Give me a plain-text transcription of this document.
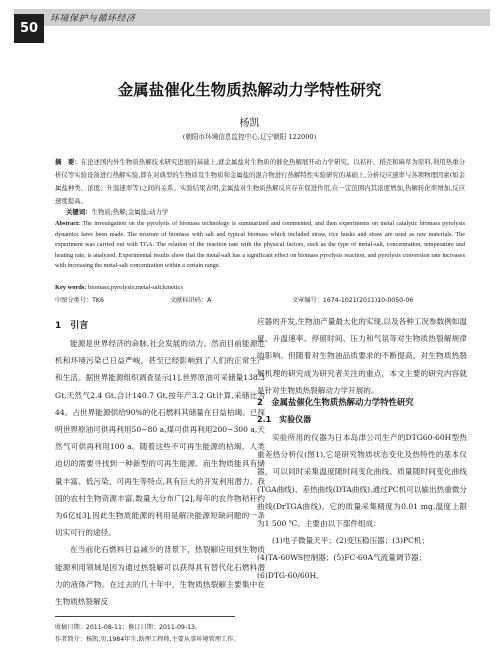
50
环境保护与循环经济
金属盐催化生物质热解动力学特性研究
杨凯
(朝阳市环境信息监控中心,辽宁朝阳 122000)
摘　要：在论述国内外生物质热解技术研究进展的基础上,就金属盐对生物质的催化热解展开动力学研究。以秸秆、稻壳和麻草为原料,利用热重分析仪等实验设备进行热解实验,即在对典型的生物质及生物质和金属盐的混合物进行热解特性实验研究的基础上,分析反应速率与各项物理因素(如金属盐种类、浓度、升温速率等)之间的关系。实验结果表明,金属盐对生物质热解反应存在促进作用,在一定范围内其浓度增加,热解转化率增加,反应速度提高。
关键词：生物质;热解;金属盐;动力学
Abstract: The investigation on the pyrolysis of biomass technology is summarized and commented, and then experiments on metal catalytic biomass pyrolysis dynamics have been made. The mixture of biomass with salt and typical biomass which included straw, rice husks and straw are used as raw materials. The experiment was carried out with TGA. The relation of the reaction rate with the physical factors, such as the type of metal-salt, concentration, temperature and heating rate, is analyzed. Experimental results show that the metal-salt has a significant effect on biomass pyrolysis reaction, and pyrolysis conversion rate increases with increasing the metal-salt concentration within a certain range.
Key words: biomass;pyrolysis;metal-salt;kinetics
中图分类号：TK6	文献标识码：A	文章编号：1674-1021(2011)10-0050-06
1　引言

能源是世界经济的命脉,社会发展的动力。然而目前能源危机和环境污染已日益严峻，甚至已经影响到了人们的正常生产和生活。据世界能源组织调查显示[1],世界原油可采储量138.3 Gt,天然气2.4 Gt,合计140.7 Gt,按年产3.2 Gt计算,采储比为44。占世界能源供给90%的化石燃料其储量在日益枯竭。已探明世界原油可供再利用50~80 a,煤可供再利用200~300 a,天然气可供再利用100 a。随着这些不可再生能源的枯竭，人类迫切的需要寻找到一种新型的可再生能源。而生物质能具有储量丰富、低污染、可再生等特点,具有巨大的开发利用潜力。我国的农村生物资源丰富,数量大分布广[2],每年的农作物秸秆约为6亿t[3],因此生物质能源的利用是解决能源短缺问题的一条切实可行的途径。

在当前化石燃料日益减少的背景下，热裂解应用到生物质能源利用领域是因为通过热裂解可以获得具有替代化石燃料潜力的液体产物。在过去的几十年中，生物质热裂解主要集中在生物质热裂解反

应器的开发,生物油产量最大化的实现,以及各种工况参数例如温度、升温速率、停留时间、压力和气氛等对生物质热裂解规律的影响。但随着对生物油品质要求的不断提高，对生物质热裂解机理的研究成为研究者关注的重点，本文主要的研究内容就是针对生物质热裂解动力学开展的。

2　金属盐催化生物质热解动力学特性研究
2.1　实验仪器

实验所用的仪器为日本岛津公司生产的DTG60-60H型热重差热分析仪(图1),它是研究物质状态变化及热特性的基本仪器，可以同时采集温度随时间变化曲线、质量随时间变化曲线(TGA曲线)、差热曲线(DTA曲线),通过PC机可以输出热重微分曲线(DrTGA曲线)。它的质量采集精度为0.01 mg,温度上限为1 500 ℃。主要由以下部件组成：

(1)电子微量天平；(2)变压稳压器；(3)PC机；

(4)TA-60WS控制器；(5)FC-60A气流量调节器；

(6)DTG-60/60H。

收稿日期：2011-08-11；修订日期：2011-09-13。
作者简介：杨凯,男,1984年生,助理工程师,主要从事环境管理工作。
